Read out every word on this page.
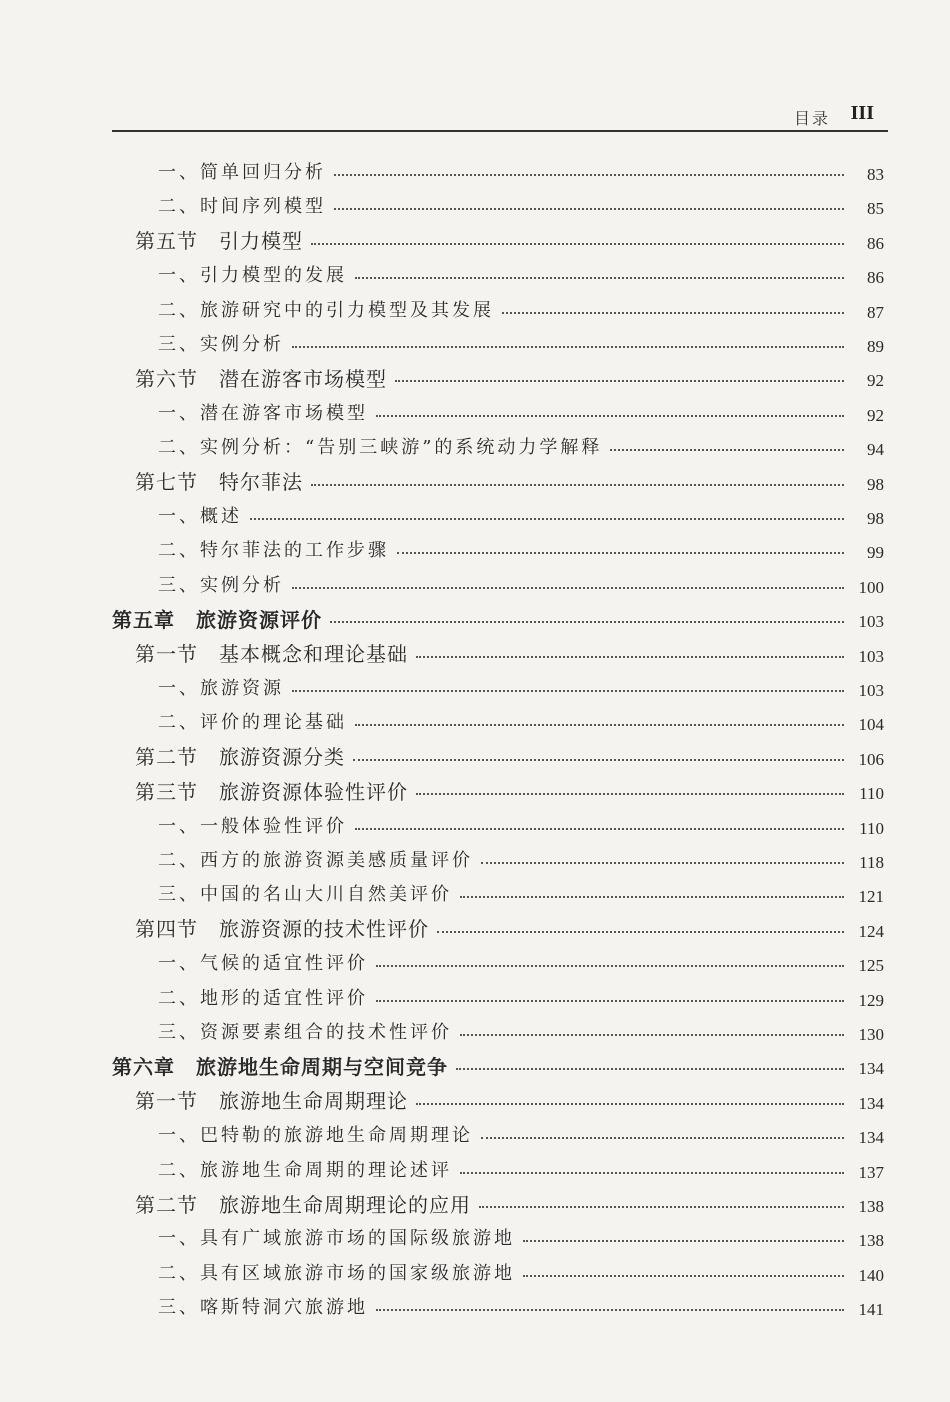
目录 III
一、简单回归分析	83
二、时间序列模型	85
第五节　引力模型	86
一、引力模型的发展	86
二、旅游研究中的引力模型及其发展	87
三、实例分析	89
第六节　潜在游客市场模型	92
一、潜在游客市场模型	92
二、实例分析：“告别三峡游”的系统动力学解释	94
第七节　特尔菲法	98
一、概述	98
二、特尔菲法的工作步骤	99
三、实例分析	100
第五章　旅游资源评价	103
第一节　基本概念和理论基础	103
一、旅游资源	103
二、评价的理论基础	104
第二节　旅游资源分类	106
第三节　旅游资源体验性评价	110
一、一般体验性评价	110
二、西方的旅游资源美感质量评价	118
三、中国的名山大川自然美评价	121
第四节　旅游资源的技术性评价	124
一、气候的适宜性评价	125
二、地形的适宜性评价	129
三、资源要素组合的技术性评价	130
第六章　旅游地生命周期与空间竞争	134
第一节　旅游地生命周期理论	134
一、巴特勒的旅游地生命周期理论	134
二、旅游地生命周期的理论述评	137
第二节　旅游地生命周期理论的应用	138
一、具有广域旅游市场的国际级旅游地	138
二、具有区域旅游市场的国家级旅游地	140
三、喀斯特洞穴旅游地	141
